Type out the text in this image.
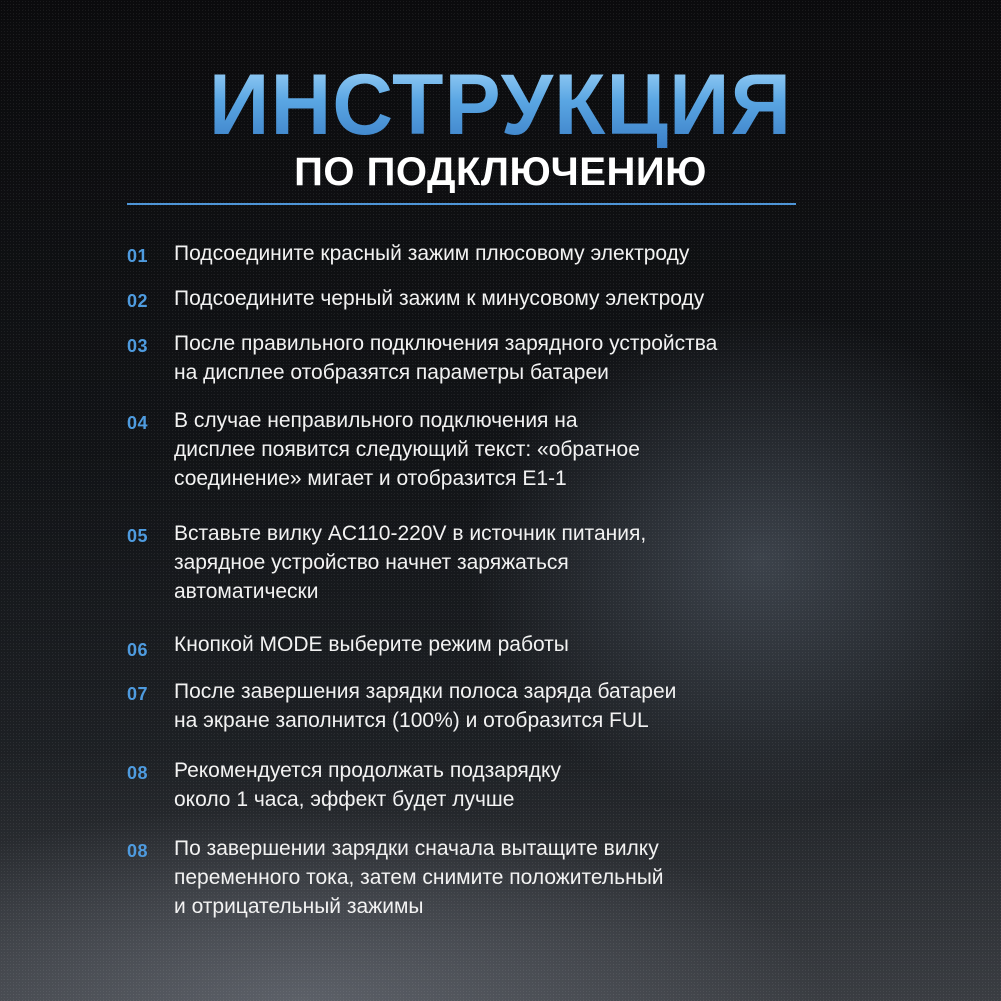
ИНСТРУКЦИЯ
ПО ПОДКЛЮЧЕНИЮ
01 Подсоедините красный зажим плюсовому электроду
02 Подсоедините черный зажим к минусовому электроду
03 После правильного подключения зарядного устройства
на дисплее отобразятся параметры батареи
04 В случае неправильного подключения на
дисплее появится следующий текст: «обратное
соединение» мигает и отобразится E1-1
05 Вставьте вилку AC110-220V в источник питания,
зарядное устройство начнет заряжаться
автоматически
06 Кнопкой MODE выберите режим работы
07 После завершения зарядки полоса заряда батареи
на экране заполнится (100%) и отобразится FUL
08 Рекомендуется продолжать подзарядку
около 1 часа, эффект будет лучше
08 По завершении зарядки сначала вытащите вилку
переменного тока, затем снимите положительный
и отрицательный зажимы
